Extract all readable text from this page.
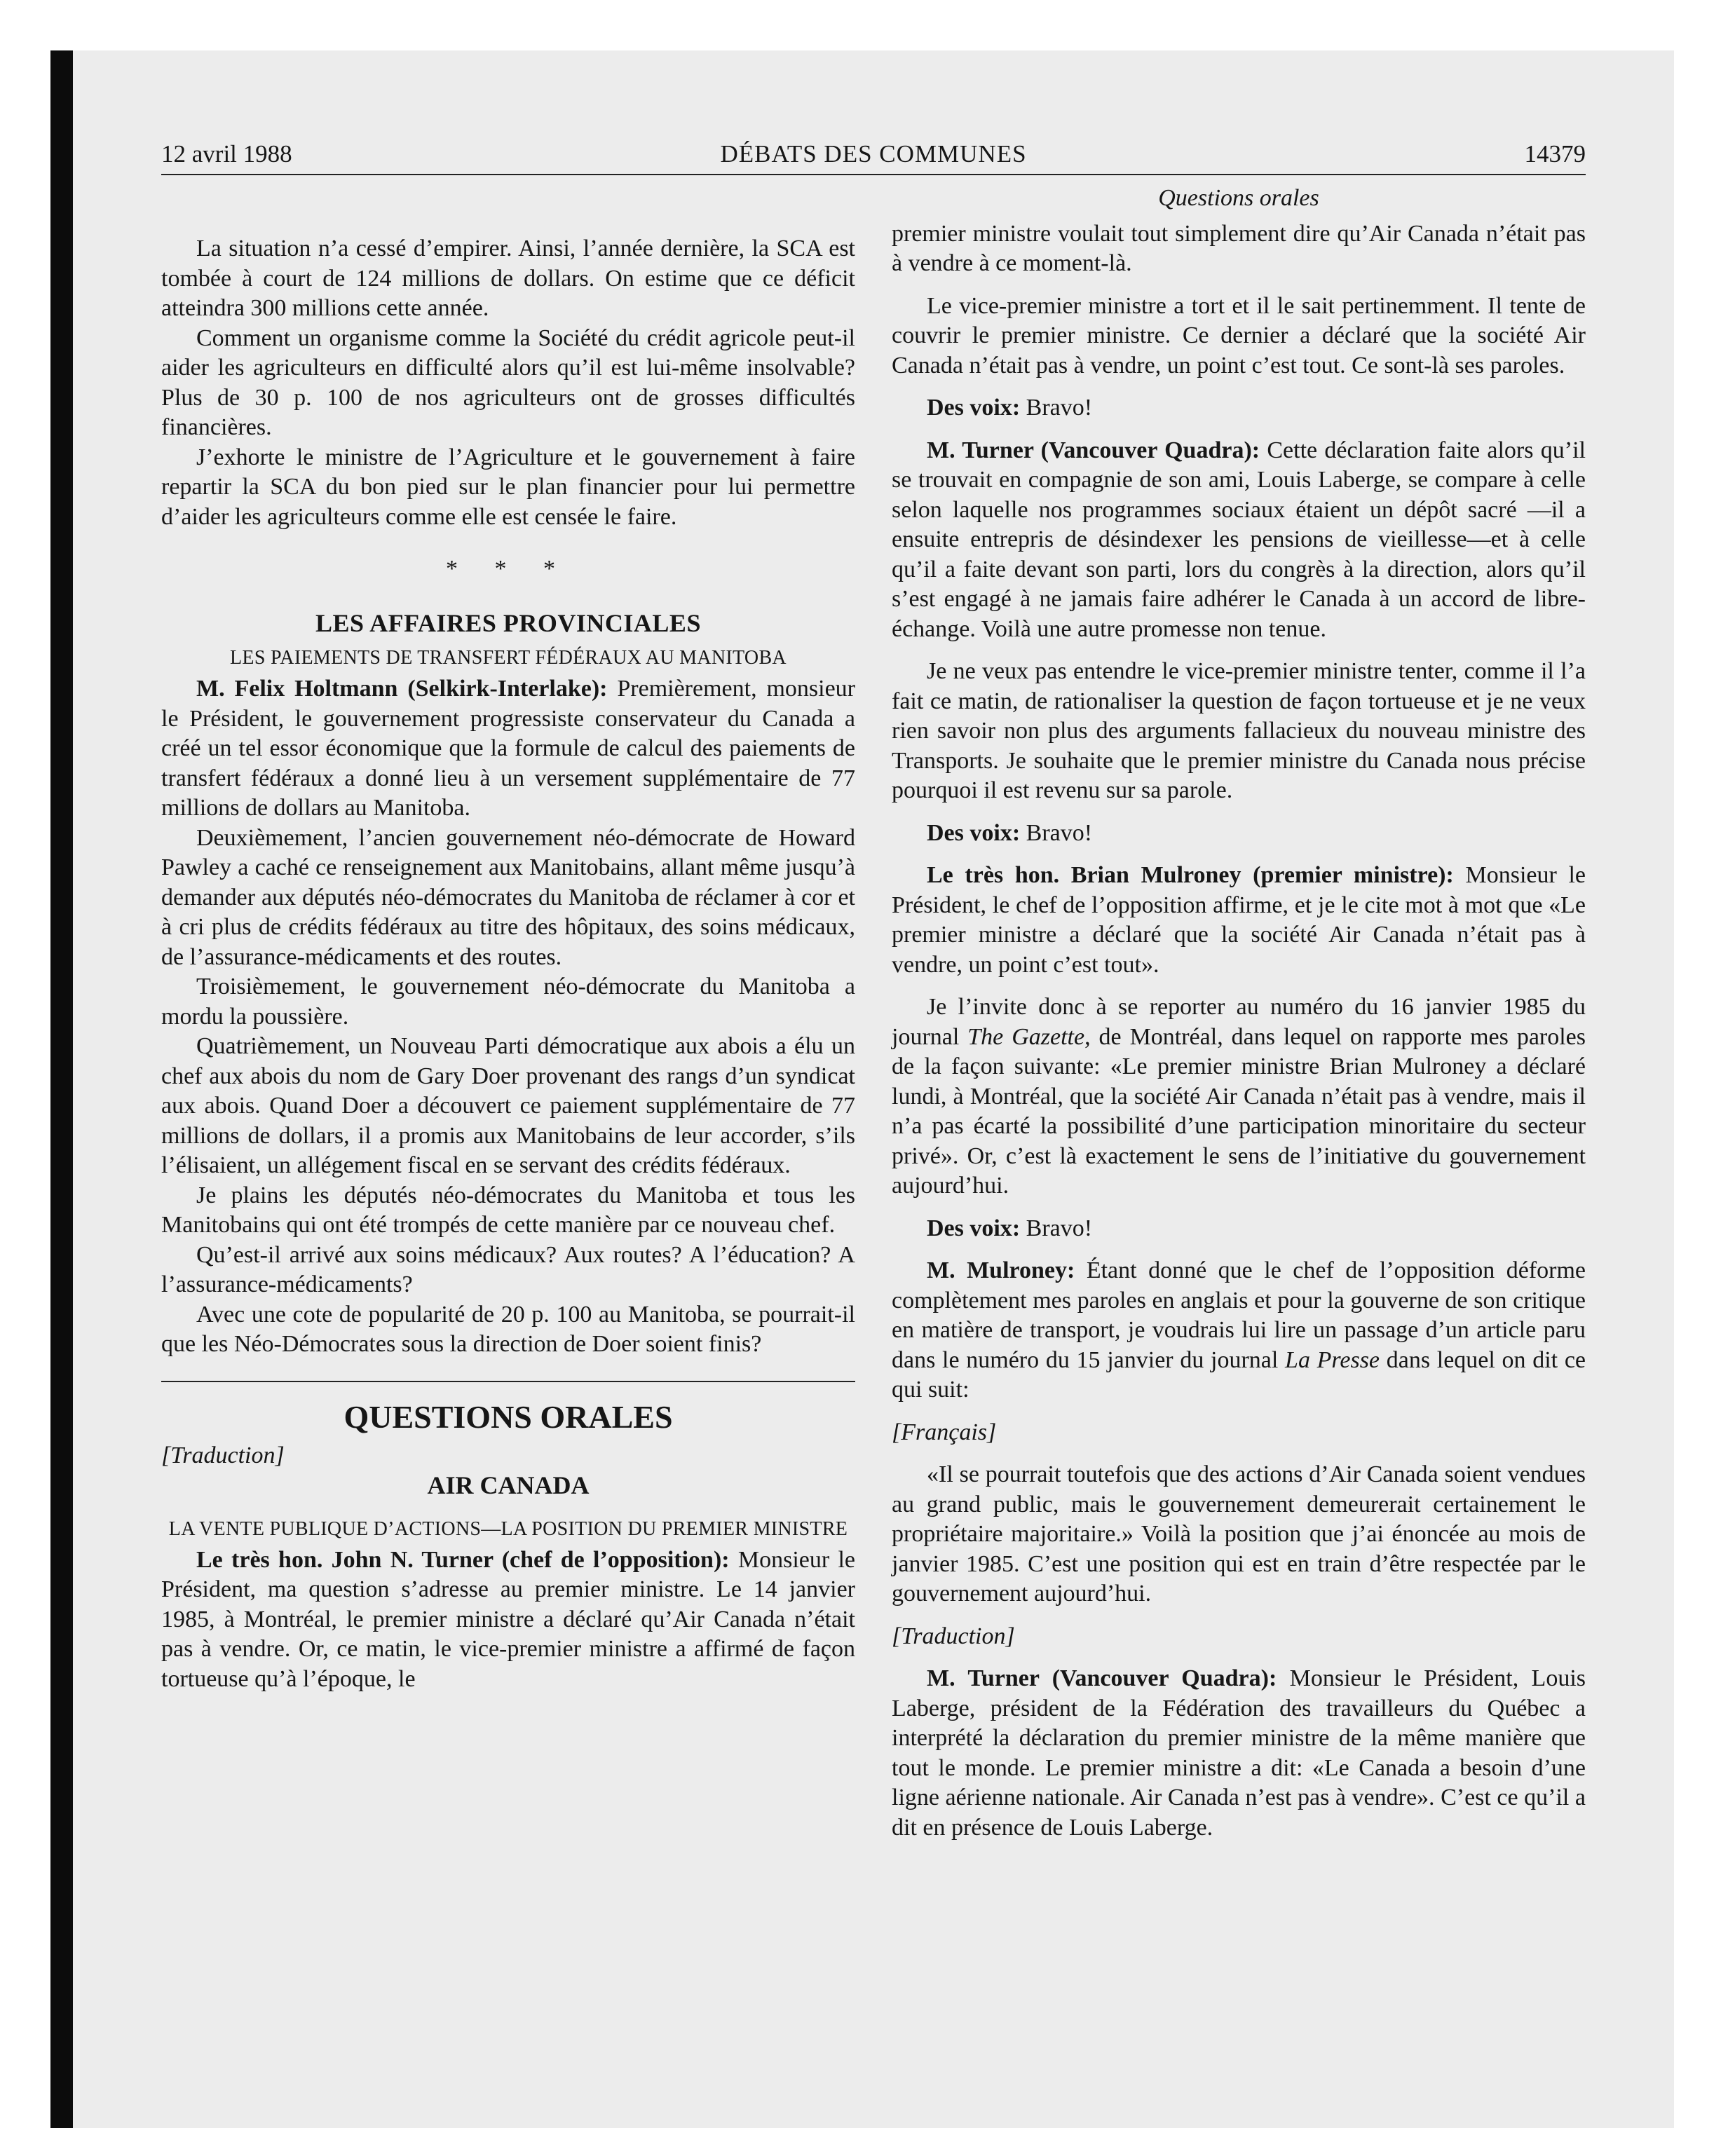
12 avril 1988	DÉBATS DES COMMUNES	14379

La situation n’a cessé d’empirer. Ainsi, l’année dernière, la SCA est tombée à court de 124 millions de dollars. On estime que ce déficit atteindra 300 millions cette année.

Comment un organisme comme la Société du crédit agricole peut-il aider les agriculteurs en difficulté alors qu’il est lui-même insolvable? Plus de 30 p. 100 de nos agriculteurs ont de grosses difficultés financières.

J’exhorte le ministre de l’Agriculture et le gouvernement à faire repartir la SCA du bon pied sur le plan financier pour lui permettre d’aider les agriculteurs comme elle est censée le faire.

* * *
LES AFFAIRES PROVINCIALES
LES PAIEMENTS DE TRANSFERT FÉDÉRAUX AU MANITOBA

M. Felix Holtmann (Selkirk-Interlake): Premièrement, monsieur le Président, le gouvernement progressiste conservateur du Canada a créé un tel essor économique que la formule de calcul des paiements de transfert fédéraux a donné lieu à un versement supplémentaire de 77 millions de dollars au Manitoba.

Deuxièmement, l’ancien gouvernement néo-démocrate de Howard Pawley a caché ce renseignement aux Manitobains, allant même jusqu’à demander aux députés néo-démocrates du Manitoba de réclamer à cor et à cri plus de crédits fédéraux au titre des hôpitaux, des soins médicaux, de l’assurance-médicaments et des routes.

Troisièmement, le gouvernement néo-démocrate du Manitoba a mordu la poussière.

Quatrièmement, un Nouveau Parti démocratique aux abois a élu un chef aux abois du nom de Gary Doer provenant des rangs d’un syndicat aux abois. Quand Doer a découvert ce paiement supplémentaire de 77 millions de dollars, il a promis aux Manitobains de leur accorder, s’ils l’élisaient, un allégement fiscal en se servant des crédits fédéraux.

Je plains les députés néo-démocrates du Manitoba et tous les Manitobains qui ont été trompés de cette manière par ce nouveau chef.

Qu’est-il arrivé aux soins médicaux? Aux routes? A l’éducation? A l’assurance-médicaments?

Avec une cote de popularité de 20 p. 100 au Manitoba, se pourrait-il que les Néo-Démocrates sous la direction de Doer soient finis?

QUESTIONS ORALES

[Traduction]

AIR CANADA
LA VENTE PUBLIQUE D’ACTIONS—LA POSITION DU PREMIER MINISTRE

Le très hon. John N. Turner (chef de l’opposition): Monsieur le Président, ma question s’adresse au premier ministre. Le 14 janvier 1985, à Montréal, le premier ministre a déclaré qu’Air Canada n’était pas à vendre. Or, ce matin, le vice-premier ministre a affirmé de façon tortueuse qu’à l’époque, le

Questions orales

premier ministre voulait tout simplement dire qu’Air Canada n’était pas à vendre à ce moment-là.

Le vice-premier ministre a tort et il le sait pertinemment. Il tente de couvrir le premier ministre. Ce dernier a déclaré que la société Air Canada n’était pas à vendre, un point c’est tout. Ce sont-là ses paroles.

Des voix: Bravo!

M. Turner (Vancouver Quadra): Cette déclaration faite alors qu’il se trouvait en compagnie de son ami, Louis Laberge, se compare à celle selon laquelle nos programmes sociaux étaient un dépôt sacré —il a ensuite entrepris de désindexer les pensions de vieillesse—et à celle qu’il a faite devant son parti, lors du congrès à la direction, alors qu’il s’est engagé à ne jamais faire adhérer le Canada à un accord de libre-échange. Voilà une autre promesse non tenue.

Je ne veux pas entendre le vice-premier ministre tenter, comme il l’a fait ce matin, de rationaliser la question de façon tortueuse et je ne veux rien savoir non plus des arguments fallacieux du nouveau ministre des Transports. Je souhaite que le premier ministre du Canada nous précise pourquoi il est revenu sur sa parole.

Des voix: Bravo!

Le très hon. Brian Mulroney (premier ministre): Monsieur le Président, le chef de l’opposition affirme, et je le cite mot à mot que «Le premier ministre a déclaré que la société Air Canada n’était pas à vendre, un point c’est tout».

Je l’invite donc à se reporter au numéro du 16 janvier 1985 du journal The Gazette, de Montréal, dans lequel on rapporte mes paroles de la façon suivante: «Le premier ministre Brian Mulroney a déclaré lundi, à Montréal, que la société Air Canada n’était pas à vendre, mais il n’a pas écarté la possibilité d’une participation minoritaire du secteur privé». Or, c’est là exactement le sens de l’initiative du gouvernement aujourd’hui.

Des voix: Bravo!

M. Mulroney: Étant donné que le chef de l’opposition déforme complètement mes paroles en anglais et pour la gouverne de son critique en matière de transport, je voudrais lui lire un passage d’un article paru dans le numéro du 15 janvier du journal La Presse dans lequel on dit ce qui suit:

[Français]

«Il se pourrait toutefois que des actions d’Air Canada soient vendues au grand public, mais le gouvernement demeurerait certainement le propriétaire majoritaire.» Voilà la position que j’ai énoncée au mois de janvier 1985. C’est une position qui est en train d’être respectée par le gouvernement aujourd’hui.

[Traduction]

M. Turner (Vancouver Quadra): Monsieur le Président, Louis Laberge, président de la Fédération des travailleurs du Québec a interprété la déclaration du premier ministre de la même manière que tout le monde. Le premier ministre a dit: «Le Canada a besoin d’une ligne aérienne nationale. Air Canada n’est pas à vendre». C’est ce qu’il a dit en présence de Louis Laberge.
